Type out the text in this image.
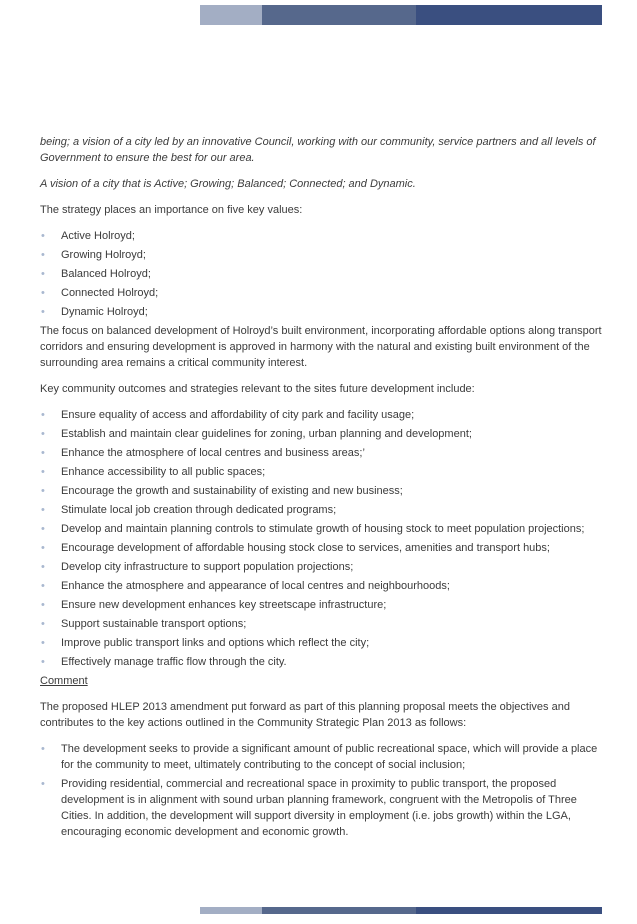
being; a vision of a city led by an innovative Council, working with our community, service partners and all levels of Government to ensure the best for our area.

A vision of a city that is Active; Growing; Balanced; Connected; and Dynamic.

The strategy places an importance on five key values:

• Active Holroyd;
• Growing Holroyd;
• Balanced Holroyd;
• Connected Holroyd;
• Dynamic Holroyd;

The focus on balanced development of Holroyd’s built environment, incorporating affordable options along transport corridors and ensuring development is approved in harmony with the natural and existing built environment of the surrounding area remains a critical community interest.

Key community outcomes and strategies relevant to the sites future development include:

• Ensure equality of access and affordability of city park and facility usage;
• Establish and maintain clear guidelines for zoning, urban planning and development;
• Enhance the atmosphere of local centres and business areas;’
• Enhance accessibility to all public spaces;
• Encourage the growth and sustainability of existing and new business;
• Stimulate local job creation through dedicated programs;
• Develop and maintain planning controls to stimulate growth of housing stock to meet population projections;
• Encourage development of affordable housing stock close to services, amenities and transport hubs;
• Develop city infrastructure to support population projections;
• Enhance the atmosphere and appearance of local centres and neighbourhoods;
• Ensure new development enhances key streetscape infrastructure;
• Support sustainable transport options;
• Improve public transport links and options which reflect the city;
• Effectively manage traffic flow through the city.

Comment

The proposed HLEP 2013 amendment put forward as part of this planning proposal meets the objectives and contributes to the key actions outlined in the Community Strategic Plan 2013 as follows:

• The development seeks to provide a significant amount of public recreational space, which will provide a place for the community to meet, ultimately contributing to the concept of social inclusion;
• Providing residential, commercial and recreational space in proximity to public transport, the proposed development is in alignment with sound urban planning framework, congruent with the Metropolis of Three Cities. In addition, the development will support diversity in employment (i.e. jobs growth) within the LGA, encouraging economic development and economic growth.
